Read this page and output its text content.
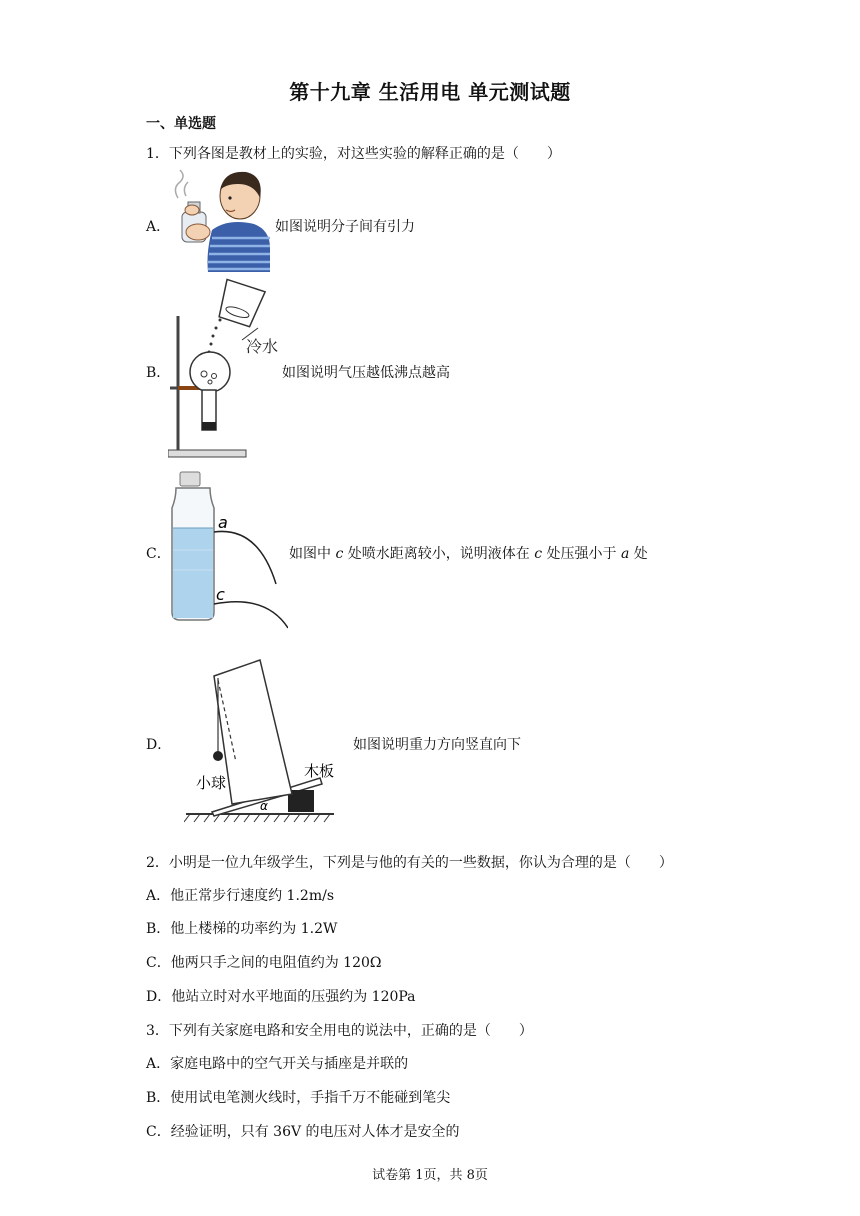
第十九章 生活用电 单元测试题
一、单选题
1．下列各图是教材上的实验，对这些实验的解释正确的是（　　）
A．	如图说明分子间有引力
B．
冷水
如图说明气压越低沸点越高
C．
a
c
如图中 c 处喷水距离较小，说明液体在 c 处压强小于 a 处
D．
小球
木板
α
如图说明重力方向竖直向下
2．小明是一位九年级学生，下列是与他的有关的一些数据，你认为合理的是（　　）
A．他正常步行速度约 1.2m/s
B．他上楼梯的功率约为 1.2W
C．他两只手之间的电阻值约为 120Ω
D．他站立时对水平地面的压强约为 120Pa
3．下列有关家庭电路和安全用电的说法中，正确的是（　　）
A．家庭电路中的空气开关与插座是并联的
B．使用试电笔测火线时，手指千万不能碰到笔尖
C．经验证明，只有 36V 的电压对人体才是安全的
试卷第 1页，共 8页
